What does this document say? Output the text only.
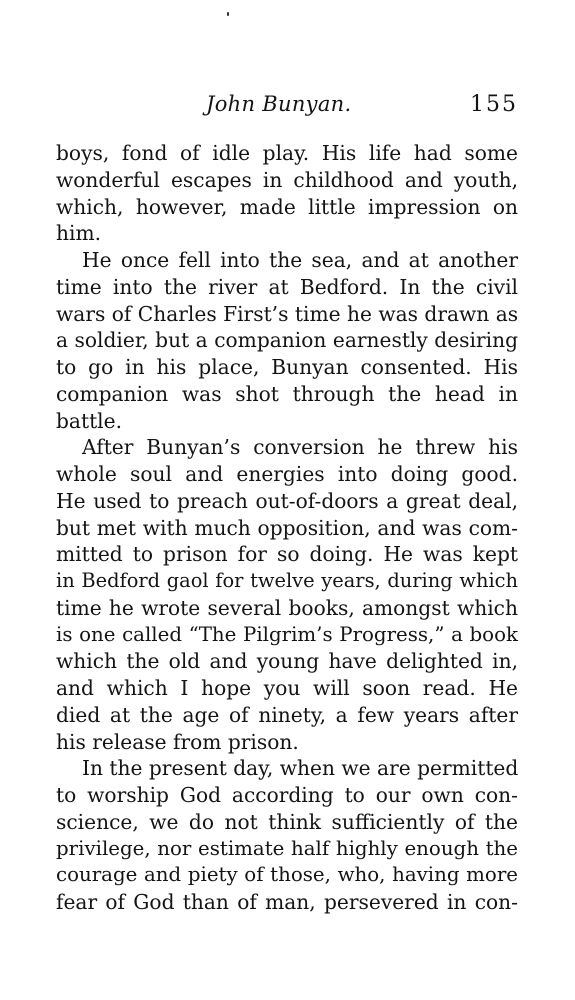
John Bunyan.	155
boys, fond of idle play. His life had some
wonderful escapes in childhood and youth,
which, however, made little impression on
him.
He once fell into the sea, and at another
time into the river at Bedford. In the civil
wars of Charles First’s time he was drawn as
a soldier, but a companion earnestly desiring
to go in his place, Bunyan consented. His
companion was shot through the head in
battle.
After Bunyan’s conversion he threw his
whole soul and energies into doing good.
He used to preach out-of-doors a great deal,
but met with much opposition, and was com-
mitted to prison for so doing. He was kept
in Bedford gaol for twelve years, during which
time he wrote several books, amongst which
is one called “The Pilgrim’s Progress,” a book
which the old and young have delighted in,
and which I hope you will soon read. He
died at the age of ninety, a few years after
his release from prison.
In the present day, when we are permitted
to worship God according to our own con-
science, we do not think sufficiently of the
privilege, nor estimate half highly enough the
courage and piety of those, who, having more
fear of God than of man, persevered in con-
